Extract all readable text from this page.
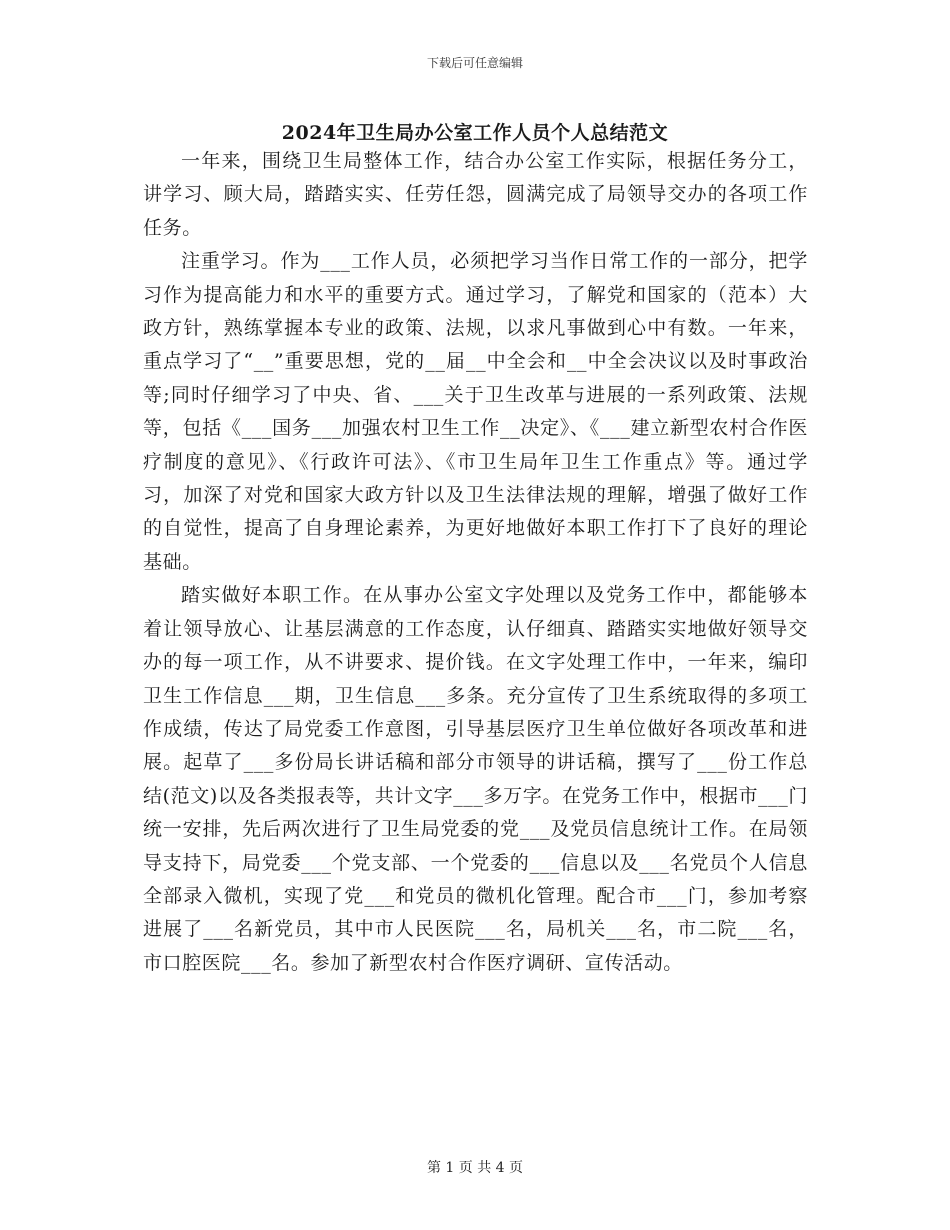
下载后可任意编辑
2024年卫生局办公室工作人员个人总结范文

一年来，围绕卫生局整体工作，结合办公室工作实际，根据任务分工，讲学习、顾大局，踏踏实实、任劳任怨，圆满完成了局领导交办的各项工作任务。

注重学习。作为___工作人员，必须把学习当作日常工作的一部分，把学习作为提高能力和水平的重要方式。通过学习，了解党和国家的（范本）大政方针，熟练掌握本专业的政策、法规，以求凡事做到心中有数。一年来，重点学习了“__”重要思想，党的__届__中全会和__中全会决议以及时事政治等;同时仔细学习了中央、省、___关于卫生改革与进展的一系列政策、法规等，包括《___国务___加强农村卫生工作__决定》、《___建立新型农村合作医疗制度的意见》、《行政许可法》、《市卫生局年卫生工作重点》等。通过学习，加深了对党和国家大政方针以及卫生法律法规的理解，增强了做好工作的自觉性，提高了自身理论素养，为更好地做好本职工作打下了良好的理论基础。

踏实做好本职工作。在从事办公室文字处理以及党务工作中，都能够本着让领导放心、让基层满意的工作态度，认仔细真、踏踏实实地做好领导交办的每一项工作，从不讲要求、提价钱。在文字处理工作中，一年来，编印卫生工作信息___期，卫生信息___多条。充分宣传了卫生系统取得的多项工作成绩，传达了局党委工作意图，引导基层医疗卫生单位做好各项改革和进展。起草了___多份局长讲话稿和部分市领导的讲话稿，撰写了___份工作总结(范文)以及各类报表等，共计文字___多万字。在党务工作中，根据市___门统一安排，先后两次进行了卫生局党委的党___及党员信息统计工作。在局领导支持下，局党委___个党支部、一个党委的___信息以及___名党员个人信息全部录入微机，实现了党___和党员的微机化管理。配合市___门，参加考察进展了___名新党员，其中市人民医院___名，局机关___名，市二院___名，市口腔医院___名。参加了新型农村合作医疗调研、宣传活动。

第 1 页 共 4 页
